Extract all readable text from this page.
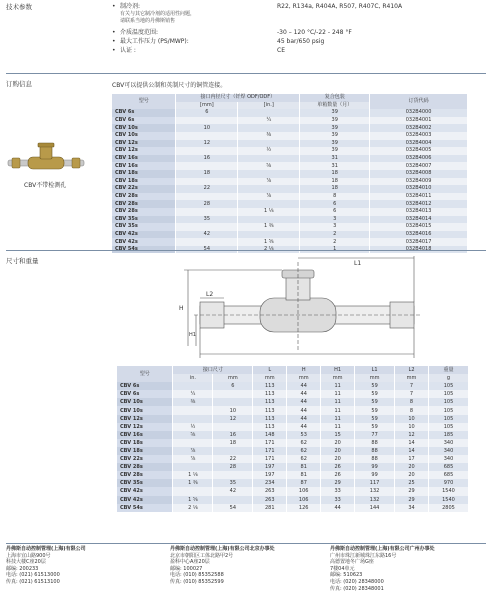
技术参数	• 制冷剂:	R22, R134a, R404A, R507, R407C, R410A
有关与其它制冷剂的适用性问题，
请联系当地的丹佛斯销售
• 介质温度范围:	-30 – 120 °C/-22 - 248 °F
• 最大工作压力 (PS/MWP):	45 bar/650 psig
• 认证 :	CE
订购信息	CBV可以提供公制和英制尺寸的铜管连接。
CBV不带检测孔
型号	接口内径尺寸（钎焊 ODF/ODF）		复合包装	订货代码
	[mm]	[in.]	单箱数量（月）	
CBV 6s	6		39	032B4000
CBV 6s		¼	39	032B4001
CBV 10s	10		39	032B4002
CBV 10s		⅜	39	032B4003
CBV 12s	12		39	032B4004
CBV 12s		½	39	032B4005
CBV 16s	16		31	032B4006
CBV 16s		⅝	31	032B4007
CBV 18s	18		18	032B4008
CBV 18s		⅞	18	032B4009
CBV 22s	22		18	032B4010
CBV 28s		⅞	8	032B4011
CBV 28s	28		6	032B4012
CBV 28s		1 ⅛	6	032B4013
CBV 35s	35		3	032B4014
CBV 35s		1 ⅜	3	032B4015
CBV 42s	42		2	032B4016
CBV 42s		1 ⅝	2	032B4017
CBV 54s	54	2 ⅛	1	032B4018
尺寸和重量	L1
L2
H
H1
型号	接口尺寸		L	H	H1	L1	L2	重量
	in.	mm	mm	mm	mm	mm	mm	g
CBV 6s		6	113	44	11	59	7	105
CBV 6s	¼		113	44	11	59	7	105
CBV 10s	⅜		113	44	11	59	8	105
CBV 10s		10	113	44	11	59	8	105
CBV 12s		12	113	44	11	59	10	105
CBV 12s	½		113	44	11	59	10	105
CBV 16s	⅝	16	148	53	15	77	12	185
CBV 18s		18	171	62	20	88	14	340
CBV 18s	⅞		171	62	20	88	14	340
CBV 22s	⅞	22	171	62	20	88	17	340
CBV 28s		28	197	81	26	99	20	685
CBV 28s	1 ⅛		197	81	26	99	20	685
CBV 35s	1 ⅜	35	234	87	29	117	25	970
CBV 42s		42	263	106	33	132	29	1540
CBV 42s	1 ⅝		263	106	33	132	29	1540
CBV 54s	2 ⅛	54	281	126	44	144	34	2805
丹佛斯自动控制管理(上海)有限公司
上海市宜山路900号
科技大楼C座20层
邮编: 200233
电话: (021) 61513000
传真: (021) 61513100
丹佛斯自动控制管理(上海)有限公司北京办事处
北京市朝阳区工体北路甲2号
盈科中心A座20层
邮编: 100027
电话: (010) 85352588
传真: (010) 85352599
丹佛斯自动控制管理(上海)有限公司广州办事处
广州市珠江新城珠江东路16号
高德置地冬广场G座
7楼04单元
邮编: 510623
电话: (020) 28348000
传真: (020) 28348001
